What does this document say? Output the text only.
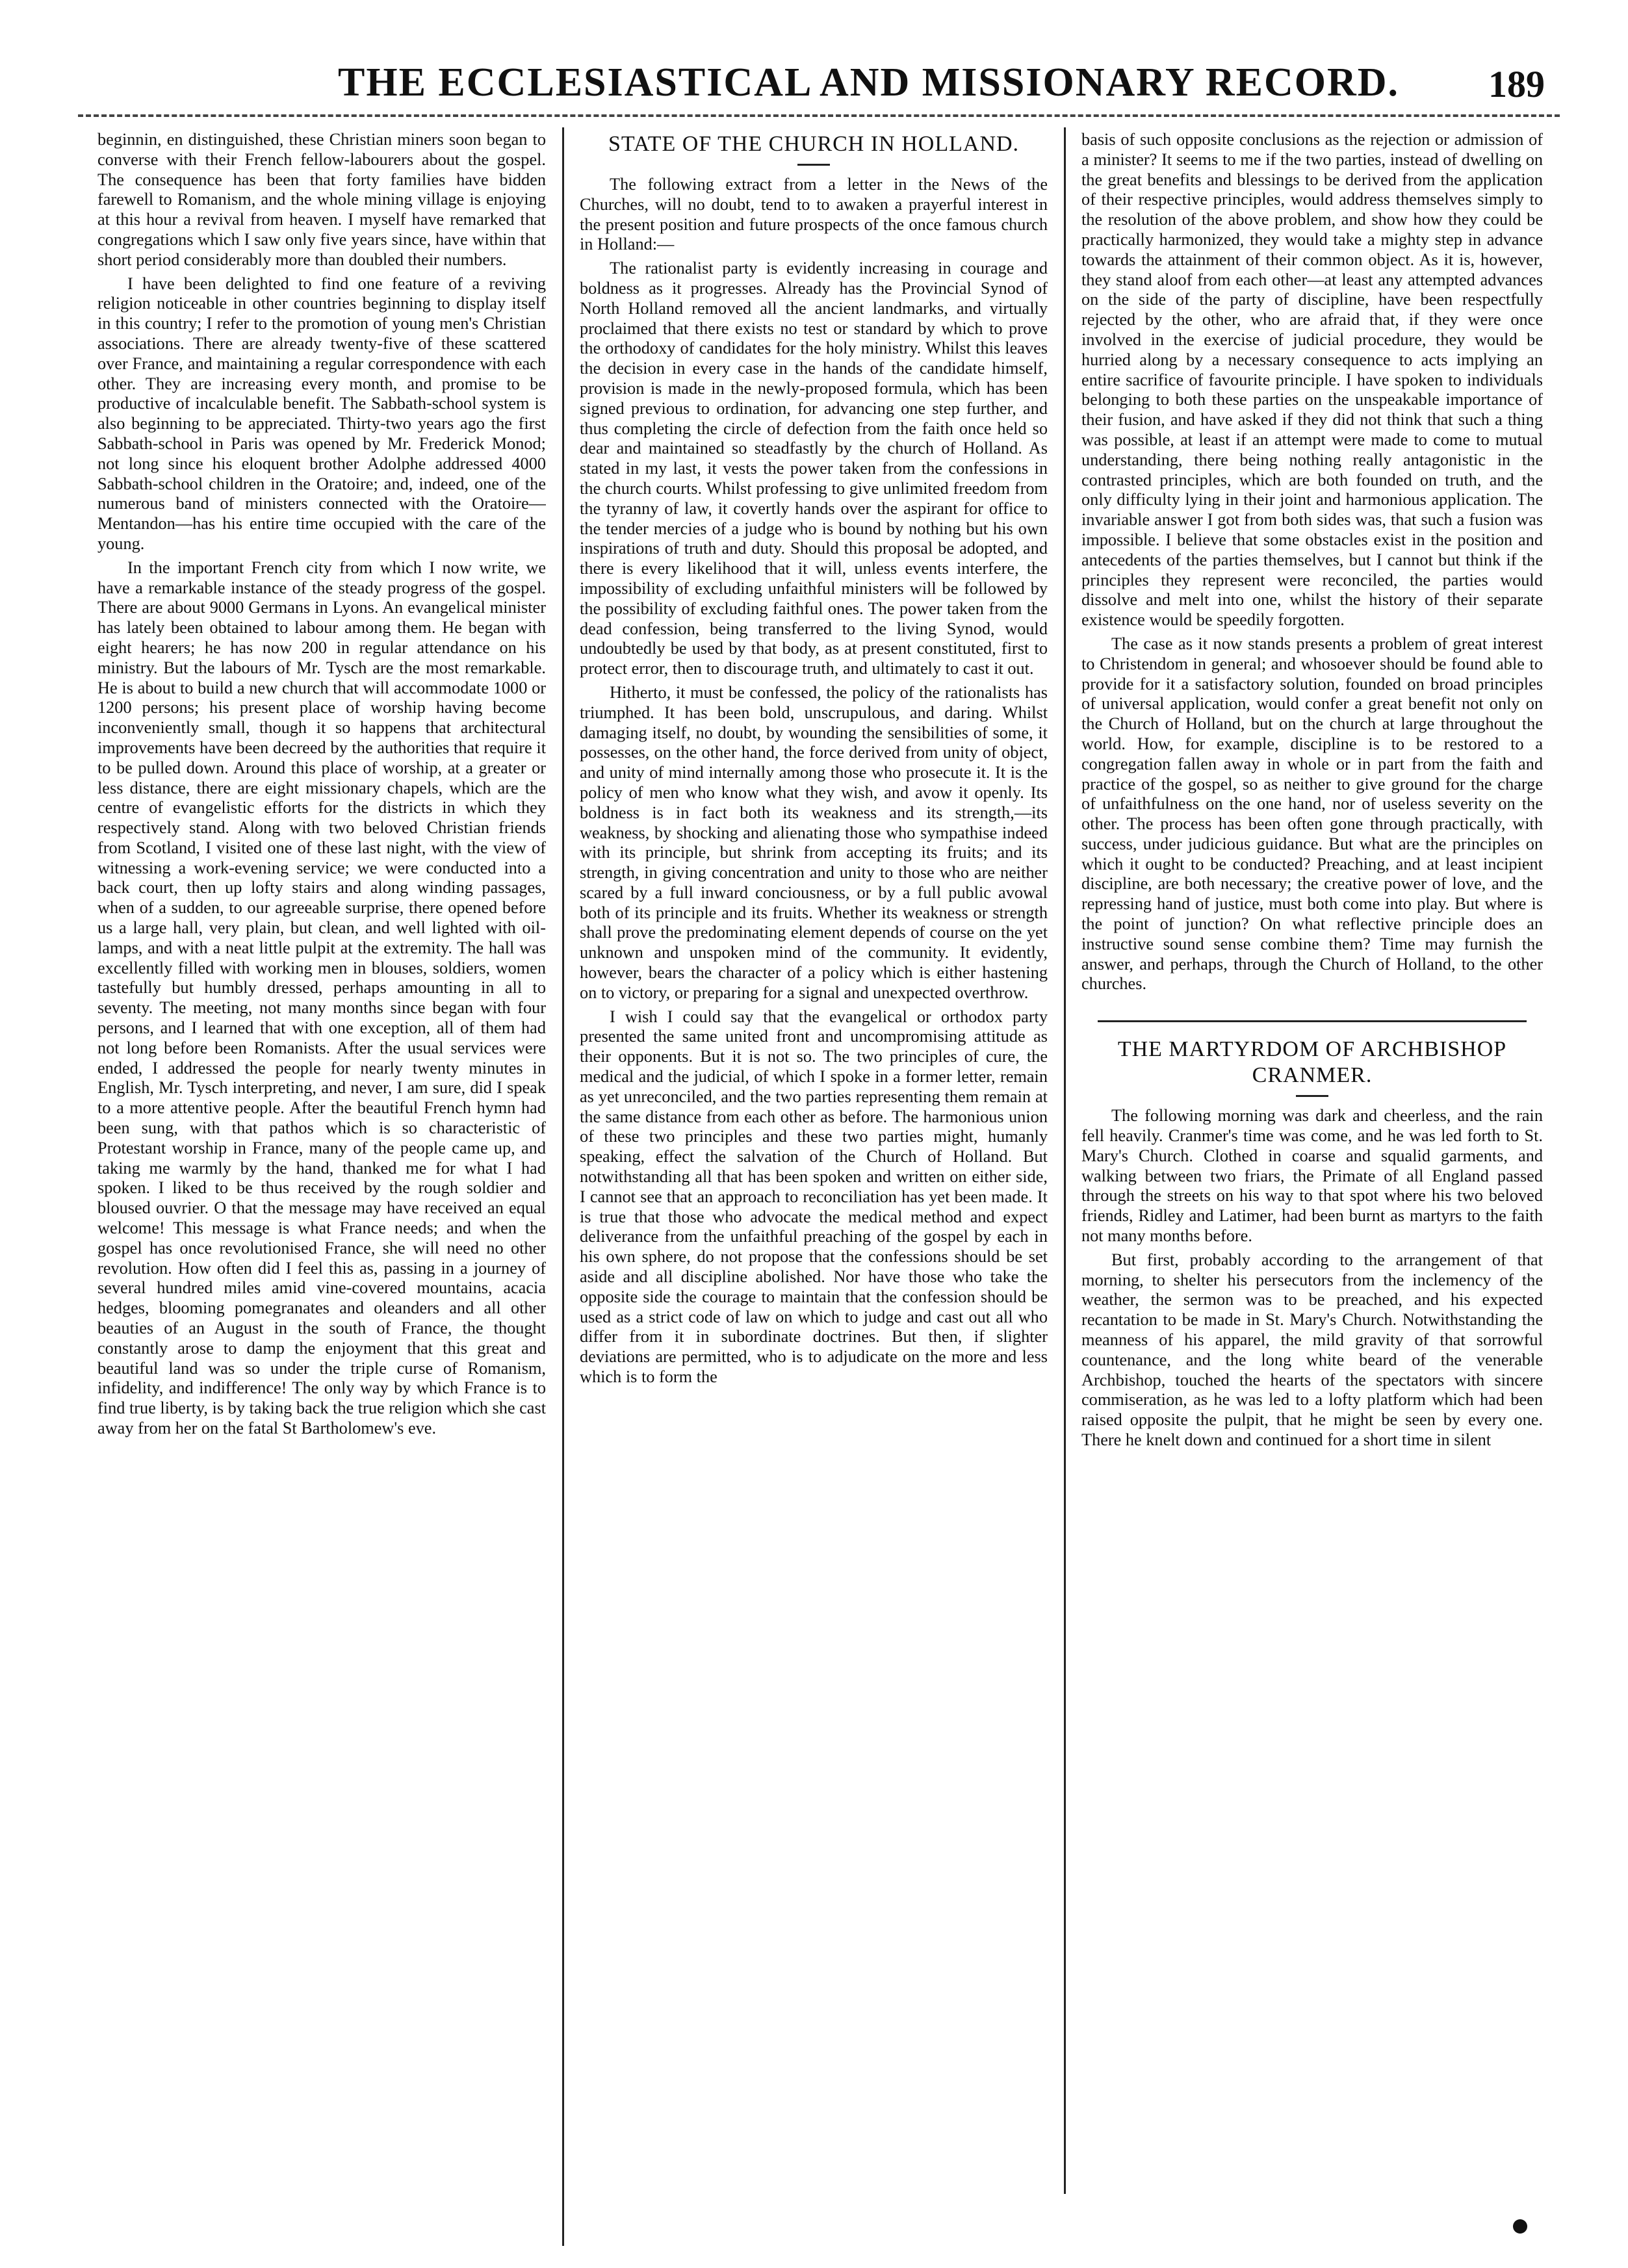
THE ECCLESIASTICAL AND MISSIONARY RECORD. 189

beginnin, en distinguished, these Christian miners soon began to converse with their French fellow-labourers about the gospel. The consequence has been that forty families have bidden farewell to Romanism, and the whole mining village is enjoying at this hour a revival from heaven. I myself have remarked that congregations which I saw only five years since, have within that short period considerably more than doubled their numbers.

I have been delighted to find one feature of a reviving religion noticeable in other countries beginning to display itself in this country; I refer to the promotion of young men's Christian associations. There are already twenty-five of these scattered over France, and maintaining a regular correspondence with each other. They are increasing every month, and promise to be productive of incalculable benefit. The Sabbath-school system is also beginning to be appreciated. Thirty-two years ago the first Sabbath-school in Paris was opened by Mr. Frederick Monod; not long since his eloquent brother Adolphe addressed 4000 Sabbath-school children in the Oratoire; and, indeed, one of the numerous band of ministers connected with the Oratoire—Mentandon—has his entire time occupied with the care of the young.

In the important French city from which I now write, we have a remarkable instance of the steady progress of the gospel. There are about 9000 Germans in Lyons. An evangelical minister has lately been obtained to labour among them. He began with eight hearers; he has now 200 in regular attendance on his ministry. But the labours of Mr. Tysch are the most remarkable. He is about to build a new church that will accommodate 1000 or 1200 persons; his present place of worship having become inconveniently small, though it so happens that architectural improvements have been decreed by the authorities that require it to be pulled down. Around this place of worship, at a greater or less distance, there are eight missionary chapels, which are the centre of evangelistic efforts for the districts in which they respectively stand. Along with two beloved Christian friends from Scotland, I visited one of these last night, with the view of witnessing a work-evening service; we were conducted into a back court, then up lofty stairs and along winding passages, when of a sudden, to our agreeable surprise, there opened before us a large hall, very plain, but clean, and well lighted with oil-lamps, and with a neat little pulpit at the extremity. The hall was excellently filled with working men in blouses, soldiers, women tastefully but humbly dressed, perhaps amounting in all to seventy. The meeting, not many months since began with four persons, and I learned that with one exception, all of them had not long before been Romanists. After the usual services were ended, I addressed the people for nearly twenty minutes in English, Mr. Tysch interpreting, and never, I am sure, did I speak to a more attentive people. After the beautiful French hymn had been sung, with that pathos which is so characteristic of Protestant worship in France, many of the people came up, and taking me warmly by the hand, thanked me for what I had spoken. I liked to be thus received by the rough soldier and bloused ouvrier. O that the message may have received an equal welcome! This message is what France needs; and when the gospel has once revolutionised France, she will need no other revolution. How often did I feel this as, passing in a journey of several hundred miles amid vine-covered mountains, acacia hedges, blooming pomegranates and oleanders and all other beauties of an August in the south of France, the thought constantly arose to damp the enjoyment that this great and beautiful land was so under the triple curse of Romanism, infidelity, and indifference! The only way by which France is to find true liberty, is by taking back the true religion which she cast away from her on the fatal St Bartholomew's eve.

STATE OF THE CHURCH IN HOLLAND.

The following extract from a letter in the News of the Churches, will no doubt, tend to to awaken a prayerful interest in the present position and future prospects of the once famous church in Holland:—

The rationalist party is evidently increasing in courage and boldness as it progresses. Already has the Provincial Synod of North Holland removed all the ancient landmarks, and virtually proclaimed that there exists no test or standard by which to prove the orthodoxy of candidates for the holy ministry. Whilst this leaves the decision in every case in the hands of the candidate himself, provision is made in the newly-proposed formula, which has been signed previous to ordination, for advancing one step further, and thus completing the circle of defection from the faith once held so dear and maintained so steadfastly by the church of Holland. As stated in my last, it vests the power taken from the confessions in the church courts. Whilst professing to give unlimited freedom from the tyranny of law, it covertly hands over the aspirant for office to the tender mercies of a judge who is bound by nothing but his own inspirations of truth and duty. Should this proposal be adopted, and there is every likelihood that it will, unless events interfere, the impossibility of excluding unfaithful ministers will be followed by the possibility of excluding faithful ones. The power taken from the dead confession, being transferred to the living Synod, would undoubtedly be used by that body, as at present constituted, first to protect error, then to discourage truth, and ultimately to cast it out.

Hitherto, it must be confessed, the policy of the rationalists has triumphed. It has been bold, unscrupulous, and daring. Whilst damaging itself, no doubt, by wounding the sensibilities of some, it possesses, on the other hand, the force derived from unity of object, and unity of mind internally among those who prosecute it. It is the policy of men who know what they wish, and avow it openly. Its boldness is in fact both its weakness and its strength,—its weakness, by shocking and alienating those who sympathise indeed with its principle, but shrink from accepting its fruits; and its strength, in giving concentration and unity to those who are neither scared by a full inward conciousness, or by a full public avowal both of its principle and its fruits. Whether its weakness or strength shall prove the predominating element depends of course on the yet unknown and unspoken mind of the community. It evidently, however, bears the character of a policy which is either hastening on to victory, or preparing for a signal and unexpected overthrow.

I wish I could say that the evangelical or orthodox party presented the same united front and uncompromising attitude as their opponents. But it is not so. The two principles of cure, the medical and the judicial, of which I spoke in a former letter, remain as yet unreconciled, and the two parties representing them remain at the same distance from each other as before. The harmonious union of these two principles and these two parties might, humanly speaking, effect the salvation of the Church of Holland. But notwithstanding all that has been spoken and written on either side, I cannot see that an approach to reconciliation has yet been made. It is true that those who advocate the medical method and expect deliverance from the unfaithful preaching of the gospel by each in his own sphere, do not propose that the confessions should be set aside and all discipline abolished. Nor have those who take the opposite side the courage to maintain that the confession should be used as a strict code of law on which to judge and cast out all who differ from it in subordinate doctrines. But then, if slighter deviations are permitted, who is to adjudicate on the more and less which is to form the

basis of such opposite conclusions as the rejection or admission of a minister? It seems to me if the two parties, instead of dwelling on the great benefits and blessings to be derived from the application of their respective principles, would address themselves simply to the resolution of the above problem, and show how they could be practically harmonized, they would take a mighty step in advance towards the attainment of their common object. As it is, however, they stand aloof from each other—at least any attempted advances on the side of the party of discipline, have been respectfully rejected by the other, who are afraid that, if they were once involved in the exercise of judicial procedure, they would be hurried along by a necessary consequence to acts implying an entire sacrifice of favourite principle. I have spoken to individuals belonging to both these parties on the unspeakable importance of their fusion, and have asked if they did not think that such a thing was possible, at least if an attempt were made to come to mutual understanding, there being nothing really antagonistic in the contrasted principles, which are both founded on truth, and the only difficulty lying in their joint and harmonious application. The invariable answer I got from both sides was, that such a fusion was impossible. I believe that some obstacles exist in the position and antecedents of the parties themselves, but I cannot but think if the principles they represent were reconciled, the parties would dissolve and melt into one, whilst the history of their separate existence would be speedily forgotten.

The case as it now stands presents a problem of great interest to Christendom in general; and whosoever should be found able to provide for it a satisfactory solution, founded on broad principles of universal application, would confer a great benefit not only on the Church of Holland, but on the church at large throughout the world. How, for example, discipline is to be restored to a congregation fallen away in whole or in part from the faith and practice of the gospel, so as neither to give ground for the charge of unfaithfulness on the one hand, nor of useless severity on the other. The process has been often gone through practically, with success, under judicious guidance. But what are the principles on which it ought to be conducted? Preaching, and at least incipient discipline, are both necessary; the creative power of love, and the repressing hand of justice, must both come into play. But where is the point of junction? On what reflective principle does an instructive sound sense combine them? Time may furnish the answer, and perhaps, through the Church of Holland, to the other churches.

THE MARTYRDOM OF ARCHBISHOP CRANMER.

The following morning was dark and cheerless, and the rain fell heavily. Cranmer's time was come, and he was led forth to St. Mary's Church. Clothed in coarse and squalid garments, and walking between two friars, the Primate of all England passed through the streets on his way to that spot where his two beloved friends, Ridley and Latimer, had been burnt as martyrs to the faith not many months before.

But first, probably according to the arrangement of that morning, to shelter his persecutors from the inclemency of the weather, the sermon was to be preached, and his expected recantation to be made in St. Mary's Church. Notwithstanding the meanness of his apparel, the mild gravity of that sorrowful countenance, and the long white beard of the venerable Archbishop, touched the hearts of the spectators with sincere commiseration, as he was led to a lofty platform which had been raised opposite the pulpit, that he might be seen by every one. There he knelt down and continued for a short time in silent
